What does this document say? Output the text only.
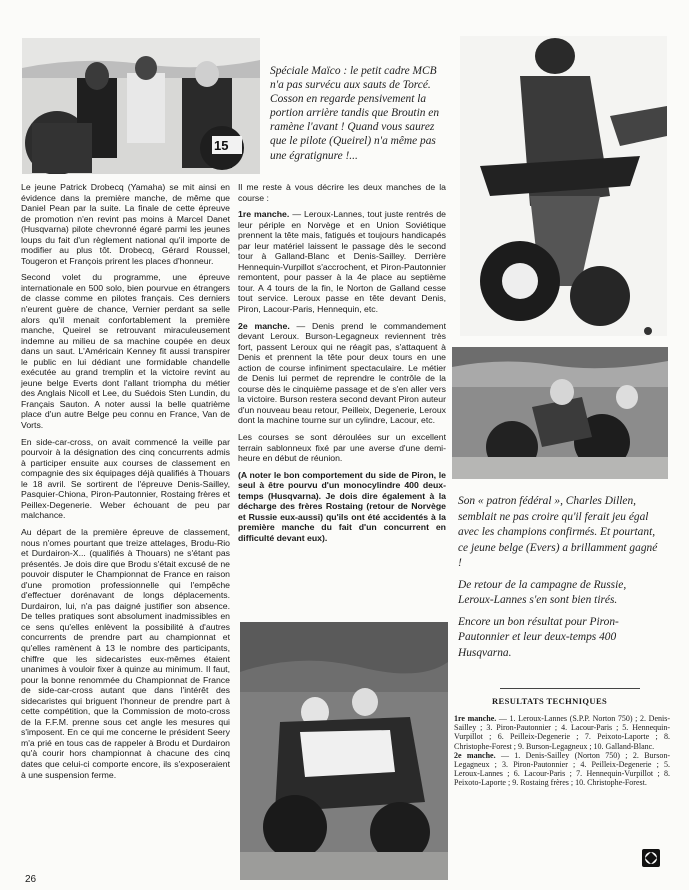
15

Spéciale Maïco : le petit cadre MCB n'a pas survécu aux sauts de Torcé. Cosson en regarde pensivement la portion arrière tandis que Broutin en ramène l'avant ! Quand vous saurez que le pilote (Queirel) n'a même pas une égratignure !...

Son « patron fédéral », Charles Dillen, semblait ne pas croire qu'il ferait jeu égal avec les champions confirmés. Et pourtant, ce jeune belge (Evers) a brillamment gagné !

De retour de la campagne de Russie, Leroux-Lannes s'en sont bien tirés.

Encore un bon résultat pour Piron-Pautonnier et leur deux-temps 400 Husqvarna.

RESULTATS TECHNIQUES
1re manche. — 1. Leroux-Lannes (S.P.P. Norton 750) ; 2. Denis-Sailley ; 3. Piron-Pautonnier ; 4. Lacour-Paris ; 5. Hennequin-Vurpillot ; 6. Peilleix-Degenerie ; 7. Peixoto-Laporte ; 8. Christophe-Forest ; 9. Burson-Legagneux ; 10. Galland-Blanc.
2e manche. — 1. Denis-Sailley (Norton 750) ; 2. Burson-Legagneux ; 3. Piron-Pautonnier ; 4. Peilleix-Degenerie ; 5. Leroux-Lannes ; 6. Lacour-Paris ; 7. Hennequin-Vurpillot ; 8. Peixoto-Laporte ; 9. Rostaing frères ; 10. Christophe-Forest.

Le jeune Patrick Drobecq (Yamaha) se mit ainsi en évidence dans la première manche, de même que Daniel Pean par la suite. La finale de cette épreuve de promotion n'en revint pas moins à Marcel Danet (Husqvarna) pilote chevronné égaré parmi les jeunes loups du fait d'un règlement national qu'il importe de modifier au plus tôt. Drobecq, Gérard Roussel, Tougeron et François prirent les places d'honneur.

Second volet du programme, une épreuve internationale en 500 solo, bien pourvue en étrangers de classe comme en pilotes français. Ces derniers n'eurent guère de chance, Vernier perdant sa selle alors qu'il menait confortablement la première manche, Queirel se retrouvant miraculeusement indemne au milieu de sa machine coupée en deux dans un saut. L'Américain Kenney fit aussi transpirer le public en lui dédiant une formidable chandelle exécutée au grand tremplin et la victoire revint au jeune belge Everts dont l'allant triompha du métier des Anglais Nicoll et Lee, du Suédois Sten Lundin, du Français Sauton. A noter aussi la belle quatrième place d'un autre Belge peu connu en France, Van de Vorts.

En side-car-cross, on avait commencé la veille par pourvoir à la désignation des cinq concurrents admis à participer ensuite aux courses de classement en compagnie des six équipages déjà qualifiés à Thouars le 18 avril. Se sortirent de l'épreuve Denis-Sailley, Pasquier-Chiona, Piron-Pautonnier, Rostaing frères et Peillex-Degenerie. Weber échouant de peu par malchance.

Au départ de la première épreuve de classement, nous n'omes pourtant que treize attelages, Brodu-Rio et Durdairon-X... (qualifiés à Thouars) ne s'étant pas présentés. Je dois dire que Brodu s'était excusé de ne pouvoir disputer le Championnat de France en raison d'une promotion professionnelle qui l'empêche d'effectuer dorénavant de longs déplacements. Durdairon, lui, n'a pas daigné justifier son absence. De telles pratiques sont absolument inadmissibles en ce sens qu'elles enlèvent la possibilité à d'autres concurrents de prendre part au championnat et qu'elles ramènent à 13 le nombre des participants, chiffre que les sidecaristes eux-mêmes étaient unanimes à vouloir fixer à quinze au minimum. Il faut, pour la bonne renommée du Championnat de France de side-car-cross autant que dans l'intérêt des sidecaristes qui briguent l'honneur de prendre part à cette compétition, que la Commission de moto-cross de la F.F.M. prenne sous cet angle les mesures qui s'imposent. En ce qui me concerne le président Seery m'a prié en tous cas de rappeler à Brodu et Durdairon qu'à courir hors championnat à chacune des cinq dates que celui-ci comporte encore, ils s'exposeraient à une suspension ferme.

Il me reste à vous décrire les deux manches de la course :

1re manche. — Leroux-Lannes, tout juste rentrés de leur périple en Norvège et en Union Soviétique prennent la tête mais, fatigués et toujours handicapés par leur matériel laissent le passage dès le second tour à Galland-Blanc et Denis-Sailley. Derrière Hennequin-Vurpillot s'accrochent, et Piron-Pautonnier remontent, pour passer à la 4e place au septième tour. A 4 tours de la fin, le Norton de Galland cesse tout service. Leroux passe en tête devant Denis, Piron, Lacour-Paris, Hennequin, etc.

2e manche. — Denis prend le commandement devant Leroux. Burson-Legagneux reviennent très fort, passent Leroux qui ne réagit pas, s'attaquent à Denis et prennent la tête pour deux tours en une action de course infiniment spectaculaire. Le métier de Denis lui permet de reprendre le contrôle de la course dès le cinquième passage et de s'en aller vers la victoire. Burson restera second devant Piron auteur d'un nouveau beau retour, Peilleix, Degenerie, Leroux dont la machine tourne sur un cylindre, Lacour, etc.

Les courses se sont déroulées sur un excellent terrain sablonneux fixé par une averse d'une demi-heure en début de réunion.

(A noter le bon comportement du side de Piron, le seul à être pourvu d'un monocylindre 400 deux-temps (Husqvarna). Je dois dire également à la décharge des frères Rostaing (retour de Norvège et Russie eux-aussi) qu'ils ont été accidentés à la première manche du fait d'un concurrent en difficulté devant eux).

26
